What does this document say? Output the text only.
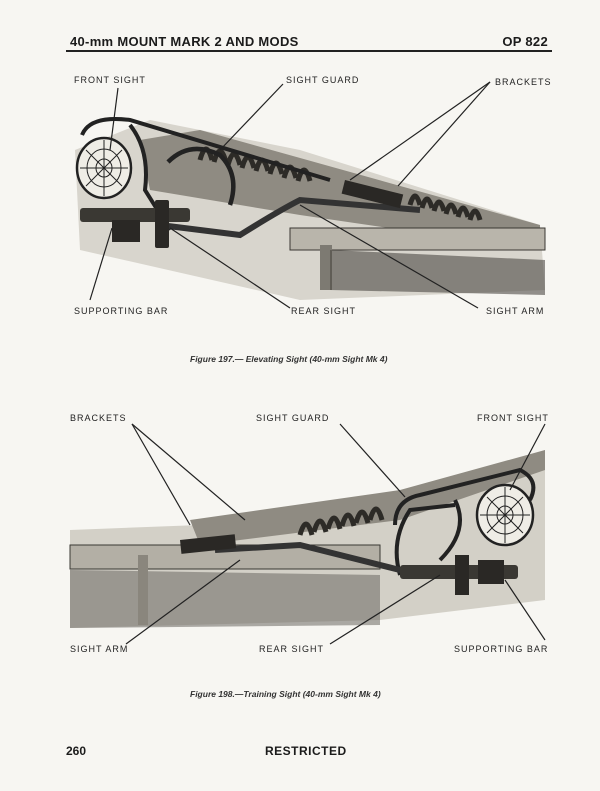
40-mm MOUNT MARK 2 AND MODS	OP 822
FRONT SIGHT	SIGHT GUARD	BRACKETS
SUPPORTING BAR	REAR SIGHT	SIGHT ARM
Figure 197.— Elevating Sight (40-mm Sight Mk 4)
BRACKETS	SIGHT GUARD	FRONT SIGHT
SIGHT ARM	REAR SIGHT	SUPPORTING BAR
Figure 198.—Training Sight (40-mm Sight Mk 4)
260	RESTRICTED
